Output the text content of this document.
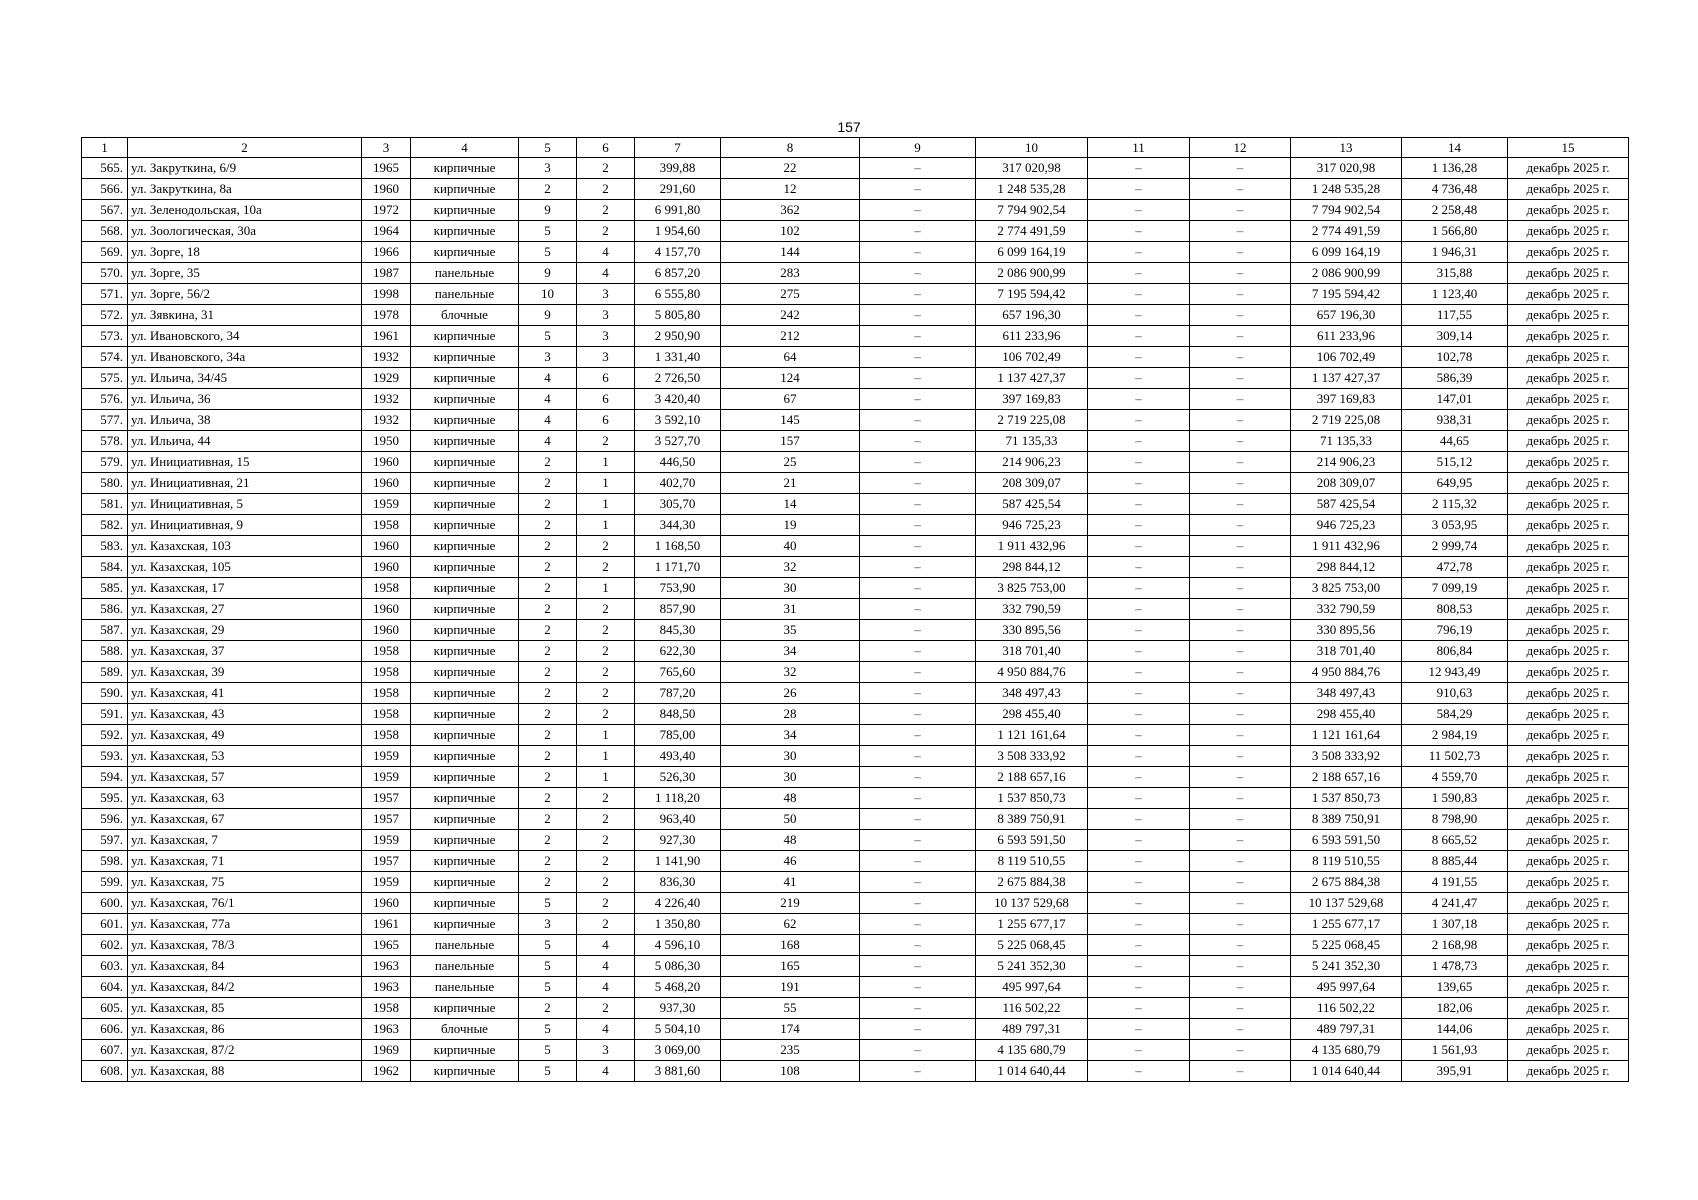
157
1	2	3	4	5	6	7	8	9	10	11	12	13	14	15
565.	ул. Закруткина, 6/9	1965	кирпичные	3	2	399,88	22	–	317 020,98	–	–	317 020,98	1 136,28	декабрь 2025 г.
566.	ул. Закруткина, 8а	1960	кирпичные	2	2	291,60	12	–	1 248 535,28	–	–	1 248 535,28	4 736,48	декабрь 2025 г.
567.	ул. Зеленодольская, 10а	1972	кирпичные	9	2	6 991,80	362	–	7 794 902,54	–	–	7 794 902,54	2 258,48	декабрь 2025 г.
568.	ул. Зоологическая, 30а	1964	кирпичные	5	2	1 954,60	102	–	2 774 491,59	–	–	2 774 491,59	1 566,80	декабрь 2025 г.
569.	ул. Зорге, 18	1966	кирпичные	5	4	4 157,70	144	–	6 099 164,19	–	–	6 099 164,19	1 946,31	декабрь 2025 г.
570.	ул. Зорге, 35	1987	панельные	9	4	6 857,20	283	–	2 086 900,99	–	–	2 086 900,99	315,88	декабрь 2025 г.
571.	ул. Зорге, 56/2	1998	панельные	10	3	6 555,80	275	–	7 195 594,42	–	–	7 195 594,42	1 123,40	декабрь 2025 г.
572.	ул. Зявкина, 31	1978	блочные	9	3	5 805,80	242	–	657 196,30	–	–	657 196,30	117,55	декабрь 2025 г.
573.	ул. Ивановского, 34	1961	кирпичные	5	3	2 950,90	212	–	611 233,96	–	–	611 233,96	309,14	декабрь 2025 г.
574.	ул. Ивановского, 34а	1932	кирпичные	3	3	1 331,40	64	–	106 702,49	–	–	106 702,49	102,78	декабрь 2025 г.
575.	ул. Ильича, 34/45	1929	кирпичные	4	6	2 726,50	124	–	1 137 427,37	–	–	1 137 427,37	586,39	декабрь 2025 г.
576.	ул. Ильича, 36	1932	кирпичные	4	6	3 420,40	67	–	397 169,83	–	–	397 169,83	147,01	декабрь 2025 г.
577.	ул. Ильича, 38	1932	кирпичные	4	6	3 592,10	145	–	2 719 225,08	–	–	2 719 225,08	938,31	декабрь 2025 г.
578.	ул. Ильича, 44	1950	кирпичные	4	2	3 527,70	157	–	71 135,33	–	–	71 135,33	44,65	декабрь 2025 г.
579.	ул. Инициативная, 15	1960	кирпичные	2	1	446,50	25	–	214 906,23	–	–	214 906,23	515,12	декабрь 2025 г.
580.	ул. Инициативная, 21	1960	кирпичные	2	1	402,70	21	–	208 309,07	–	–	208 309,07	649,95	декабрь 2025 г.
581.	ул. Инициативная, 5	1959	кирпичные	2	1	305,70	14	–	587 425,54	–	–	587 425,54	2 115,32	декабрь 2025 г.
582.	ул. Инициативная, 9	1958	кирпичные	2	1	344,30	19	–	946 725,23	–	–	946 725,23	3 053,95	декабрь 2025 г.
583.	ул. Казахская, 103	1960	кирпичные	2	2	1 168,50	40	–	1 911 432,96	–	–	1 911 432,96	2 999,74	декабрь 2025 г.
584.	ул. Казахская, 105	1960	кирпичные	2	2	1 171,70	32	–	298 844,12	–	–	298 844,12	472,78	декабрь 2025 г.
585.	ул. Казахская, 17	1958	кирпичные	2	1	753,90	30	–	3 825 753,00	–	–	3 825 753,00	7 099,19	декабрь 2025 г.
586.	ул. Казахская, 27	1960	кирпичные	2	2	857,90	31	–	332 790,59	–	–	332 790,59	808,53	декабрь 2025 г.
587.	ул. Казахская, 29	1960	кирпичные	2	2	845,30	35	–	330 895,56	–	–	330 895,56	796,19	декабрь 2025 г.
588.	ул. Казахская, 37	1958	кирпичные	2	2	622,30	34	–	318 701,40	–	–	318 701,40	806,84	декабрь 2025 г.
589.	ул. Казахская, 39	1958	кирпичные	2	2	765,60	32	–	4 950 884,76	–	–	4 950 884,76	12 943,49	декабрь 2025 г.
590.	ул. Казахская, 41	1958	кирпичные	2	2	787,20	26	–	348 497,43	–	–	348 497,43	910,63	декабрь 2025 г.
591.	ул. Казахская, 43	1958	кирпичные	2	2	848,50	28	–	298 455,40	–	–	298 455,40	584,29	декабрь 2025 г.
592.	ул. Казахская, 49	1958	кирпичные	2	1	785,00	34	–	1 121 161,64	–	–	1 121 161,64	2 984,19	декабрь 2025 г.
593.	ул. Казахская, 53	1959	кирпичные	2	1	493,40	30	–	3 508 333,92	–	–	3 508 333,92	11 502,73	декабрь 2025 г.
594.	ул. Казахская, 57	1959	кирпичные	2	1	526,30	30	–	2 188 657,16	–	–	2 188 657,16	4 559,70	декабрь 2025 г.
595.	ул. Казахская, 63	1957	кирпичные	2	2	1 118,20	48	–	1 537 850,73	–	–	1 537 850,73	1 590,83	декабрь 2025 г.
596.	ул. Казахская, 67	1957	кирпичные	2	2	963,40	50	–	8 389 750,91	–	–	8 389 750,91	8 798,90	декабрь 2025 г.
597.	ул. Казахская, 7	1959	кирпичные	2	2	927,30	48	–	6 593 591,50	–	–	6 593 591,50	8 665,52	декабрь 2025 г.
598.	ул. Казахская, 71	1957	кирпичные	2	2	1 141,90	46	–	8 119 510,55	–	–	8 119 510,55	8 885,44	декабрь 2025 г.
599.	ул. Казахская, 75	1959	кирпичные	2	2	836,30	41	–	2 675 884,38	–	–	2 675 884,38	4 191,55	декабрь 2025 г.
600.	ул. Казахская, 76/1	1960	кирпичные	5	2	4 226,40	219	–	10 137 529,68	–	–	10 137 529,68	4 241,47	декабрь 2025 г.
601.	ул. Казахская, 77а	1961	кирпичные	3	2	1 350,80	62	–	1 255 677,17	–	–	1 255 677,17	1 307,18	декабрь 2025 г.
602.	ул. Казахская, 78/3	1965	панельные	5	4	4 596,10	168	–	5 225 068,45	–	–	5 225 068,45	2 168,98	декабрь 2025 г.
603.	ул. Казахская, 84	1963	панельные	5	4	5 086,30	165	–	5 241 352,30	–	–	5 241 352,30	1 478,73	декабрь 2025 г.
604.	ул. Казахская, 84/2	1963	панельные	5	4	5 468,20	191	–	495 997,64	–	–	495 997,64	139,65	декабрь 2025 г.
605.	ул. Казахская, 85	1958	кирпичные	2	2	937,30	55	–	116 502,22	–	–	116 502,22	182,06	декабрь 2025 г.
606.	ул. Казахская, 86	1963	блочные	5	4	5 504,10	174	–	489 797,31	–	–	489 797,31	144,06	декабрь 2025 г.
607.	ул. Казахская, 87/2	1969	кирпичные	5	3	3 069,00	235	–	4 135 680,79	–	–	4 135 680,79	1 561,93	декабрь 2025 г.
608.	ул. Казахская, 88	1962	кирпичные	5	4	3 881,60	108	–	1 014 640,44	–	–	1 014 640,44	395,91	декабрь 2025 г.
